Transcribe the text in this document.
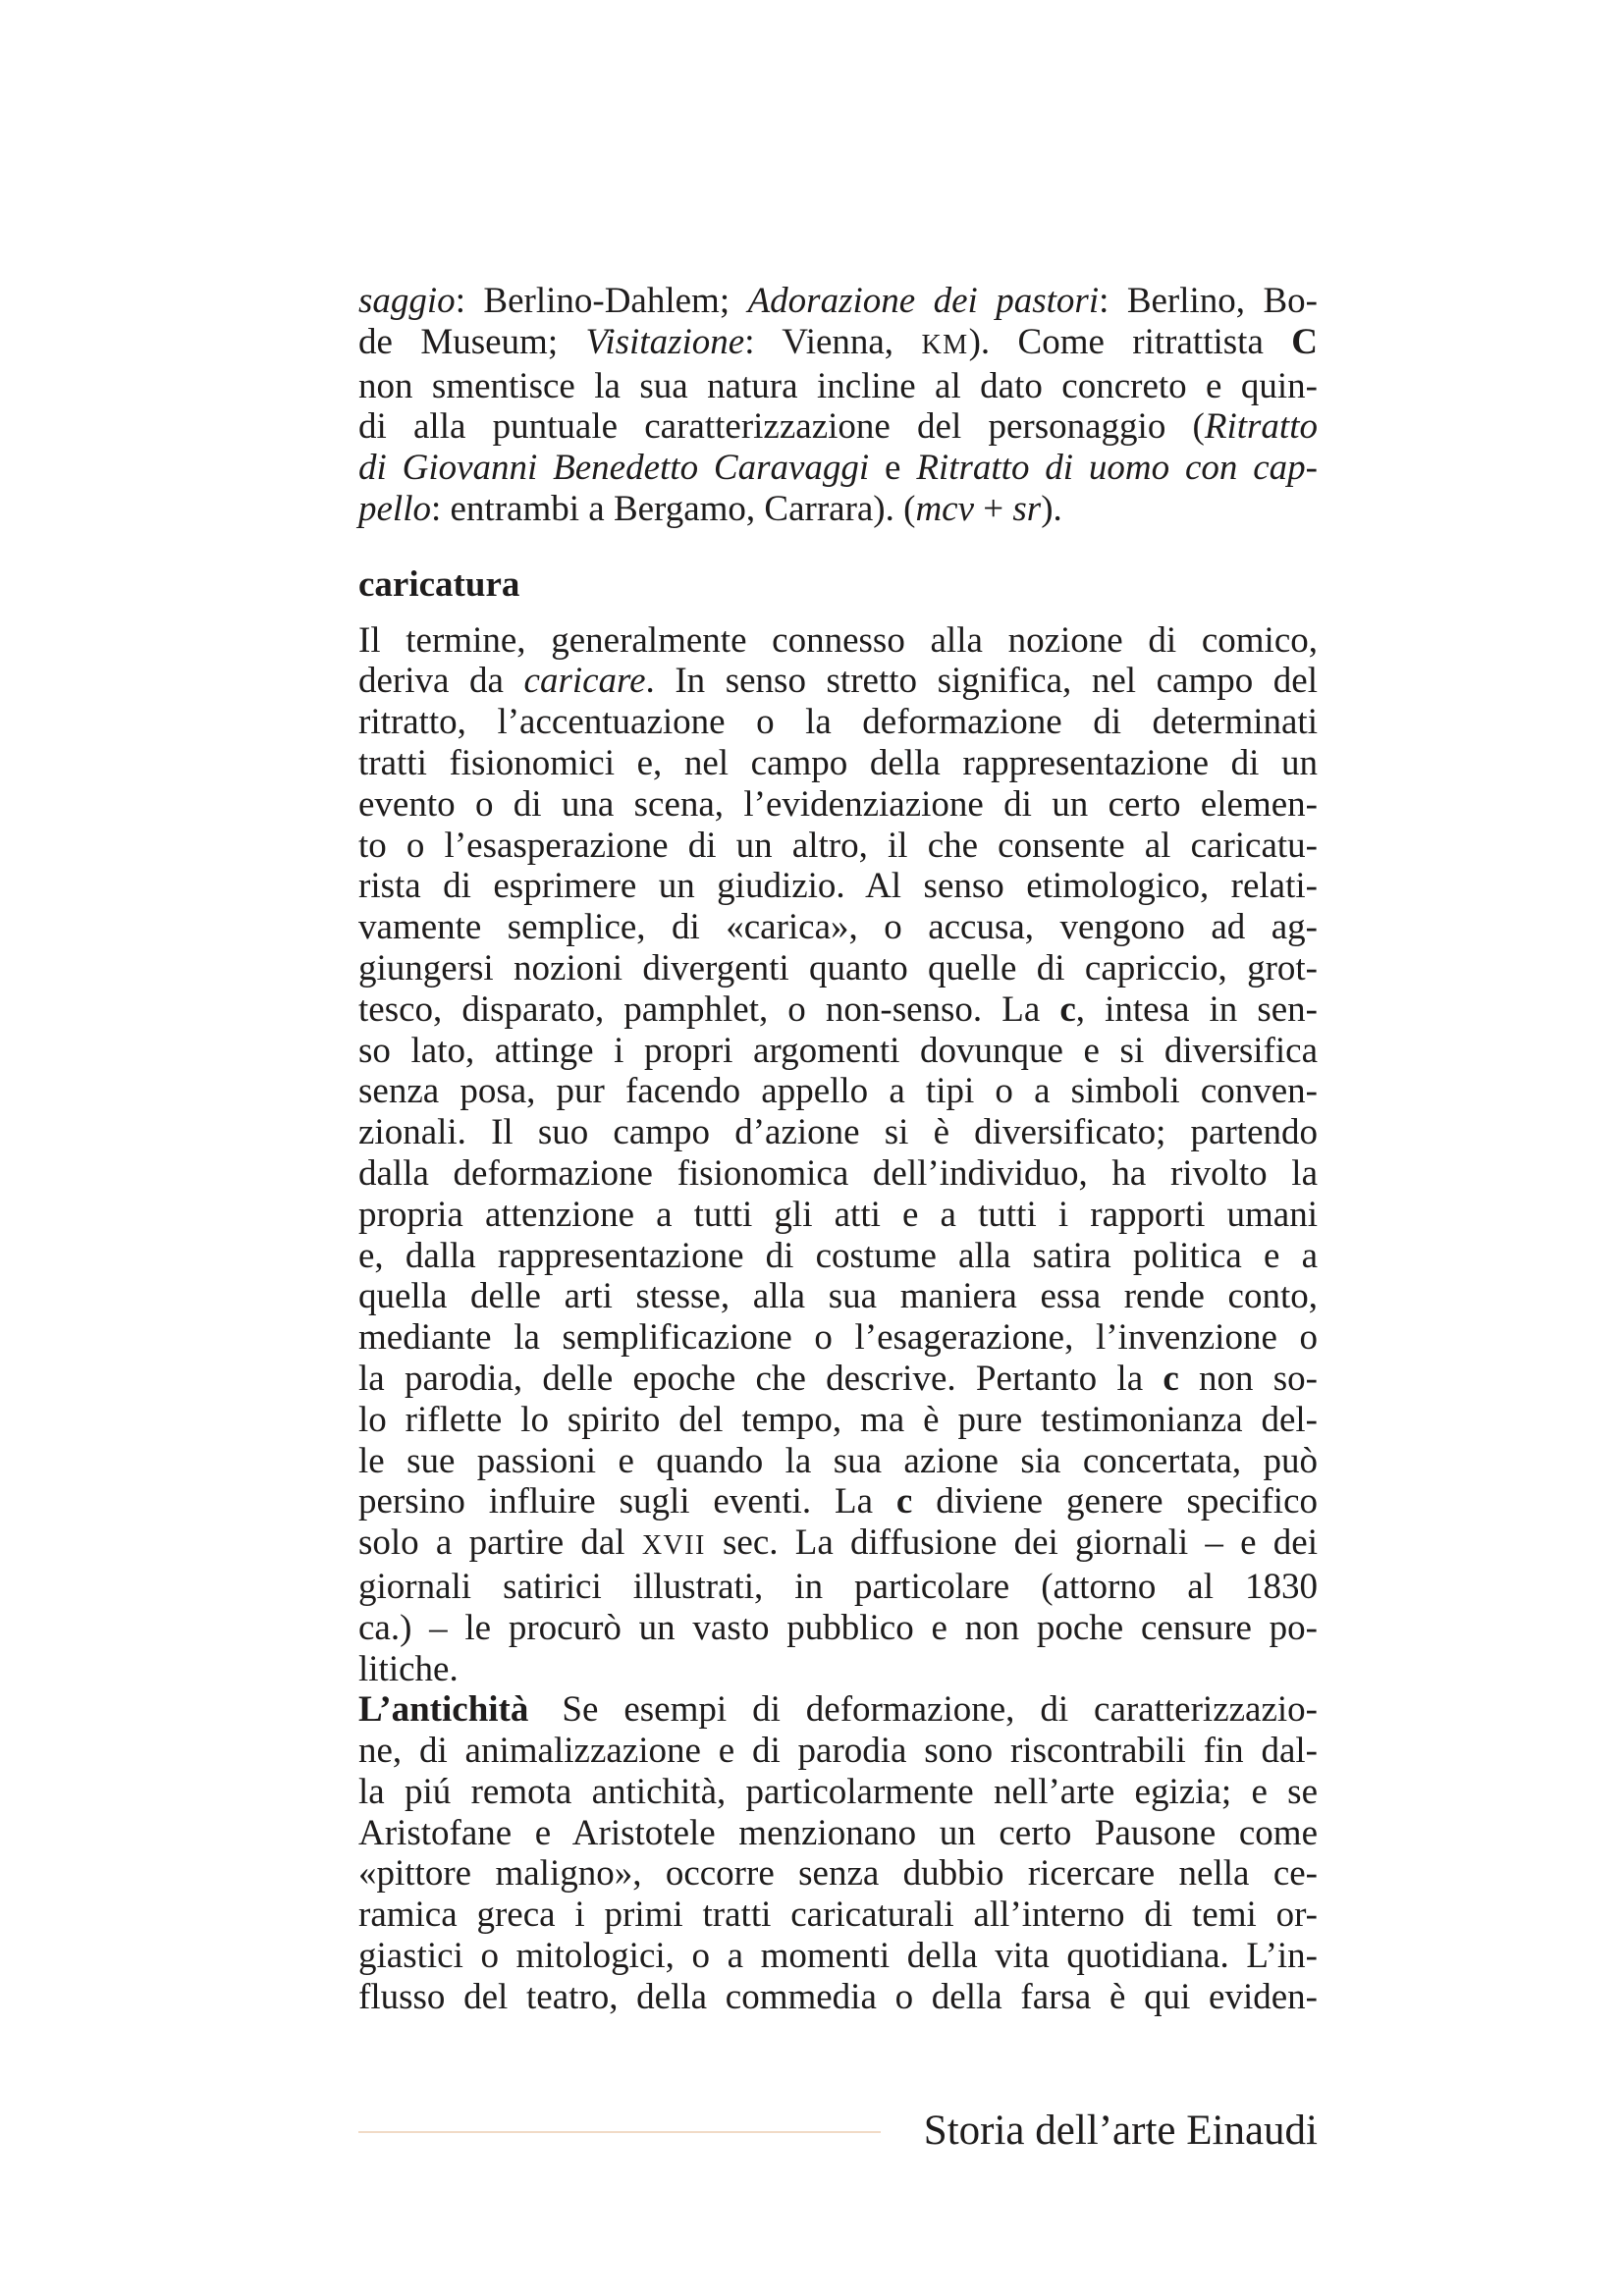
saggio: Berlino-Dahlem; Adorazione dei pastori: Berlino, Bo-
de Museum; Visitazione: Vienna, KM). Come ritrattista C
non smentisce la sua natura incline al dato concreto e quin-
di alla puntuale caratterizzazione del personaggio (Ritratto
di Giovanni Benedetto Caravaggi e Ritratto di uomo con cap-
pello: entrambi a Bergamo, Carrara). (mcv + sr).
caricatura
Il termine, generalmente connesso alla nozione di comico,
deriva da caricare. In senso stretto significa, nel campo del
ritratto, l’accentuazione o la deformazione di determinati
tratti fisionomici e, nel campo della rappresentazione di un
evento o di una scena, l’evidenziazione di un certo elemen-
to o l’esasperazione di un altro, il che consente al caricatu-
rista di esprimere un giudizio. Al senso etimologico, relati-
vamente semplice, di «carica», o accusa, vengono ad ag-
giungersi nozioni divergenti quanto quelle di capriccio, grot-
tesco, disparato, pamphlet, o non-senso. La c, intesa in sen-
so lato, attinge i propri argomenti dovunque e si diversifica
senza posa, pur facendo appello a tipi o a simboli conven-
zionali. Il suo campo d’azione si è diversificato; partendo
dalla deformazione fisionomica dell’individuo, ha rivolto la
propria attenzione a tutti gli atti e a tutti i rapporti umani
e, dalla rappresentazione di costume alla satira politica e a
quella delle arti stesse, alla sua maniera essa rende conto,
mediante la semplificazione o l’esagerazione, l’invenzione o
la parodia, delle epoche che descrive. Pertanto la c non so-
lo riflette lo spirito del tempo, ma è pure testimonianza del-
le sue passioni e quando la sua azione sia concertata, può
persino influire sugli eventi. La c diviene genere specifico
solo a partire dal XVII sec. La diffusione dei giornali – e dei
giornali satirici illustrati, in particolare (attorno al 1830
ca.) – le procurò un vasto pubblico e non poche censure po-
litiche.
L’antichità Se esempi di deformazione, di caratterizzazio-
ne, di animalizzazione e di parodia sono riscontrabili fin dal-
la piú remota antichità, particolarmente nell’arte egizia; e se
Aristofane e Aristotele menzionano un certo Pausone come
«pittore maligno», occorre senza dubbio ricercare nella ce-
ramica greca i primi tratti caricaturali all’interno di temi or-
giastici o mitologici, o a momenti della vita quotidiana. L’in-
flusso del teatro, della commedia o della farsa è qui eviden-
Storia dell’arte Einaudi
